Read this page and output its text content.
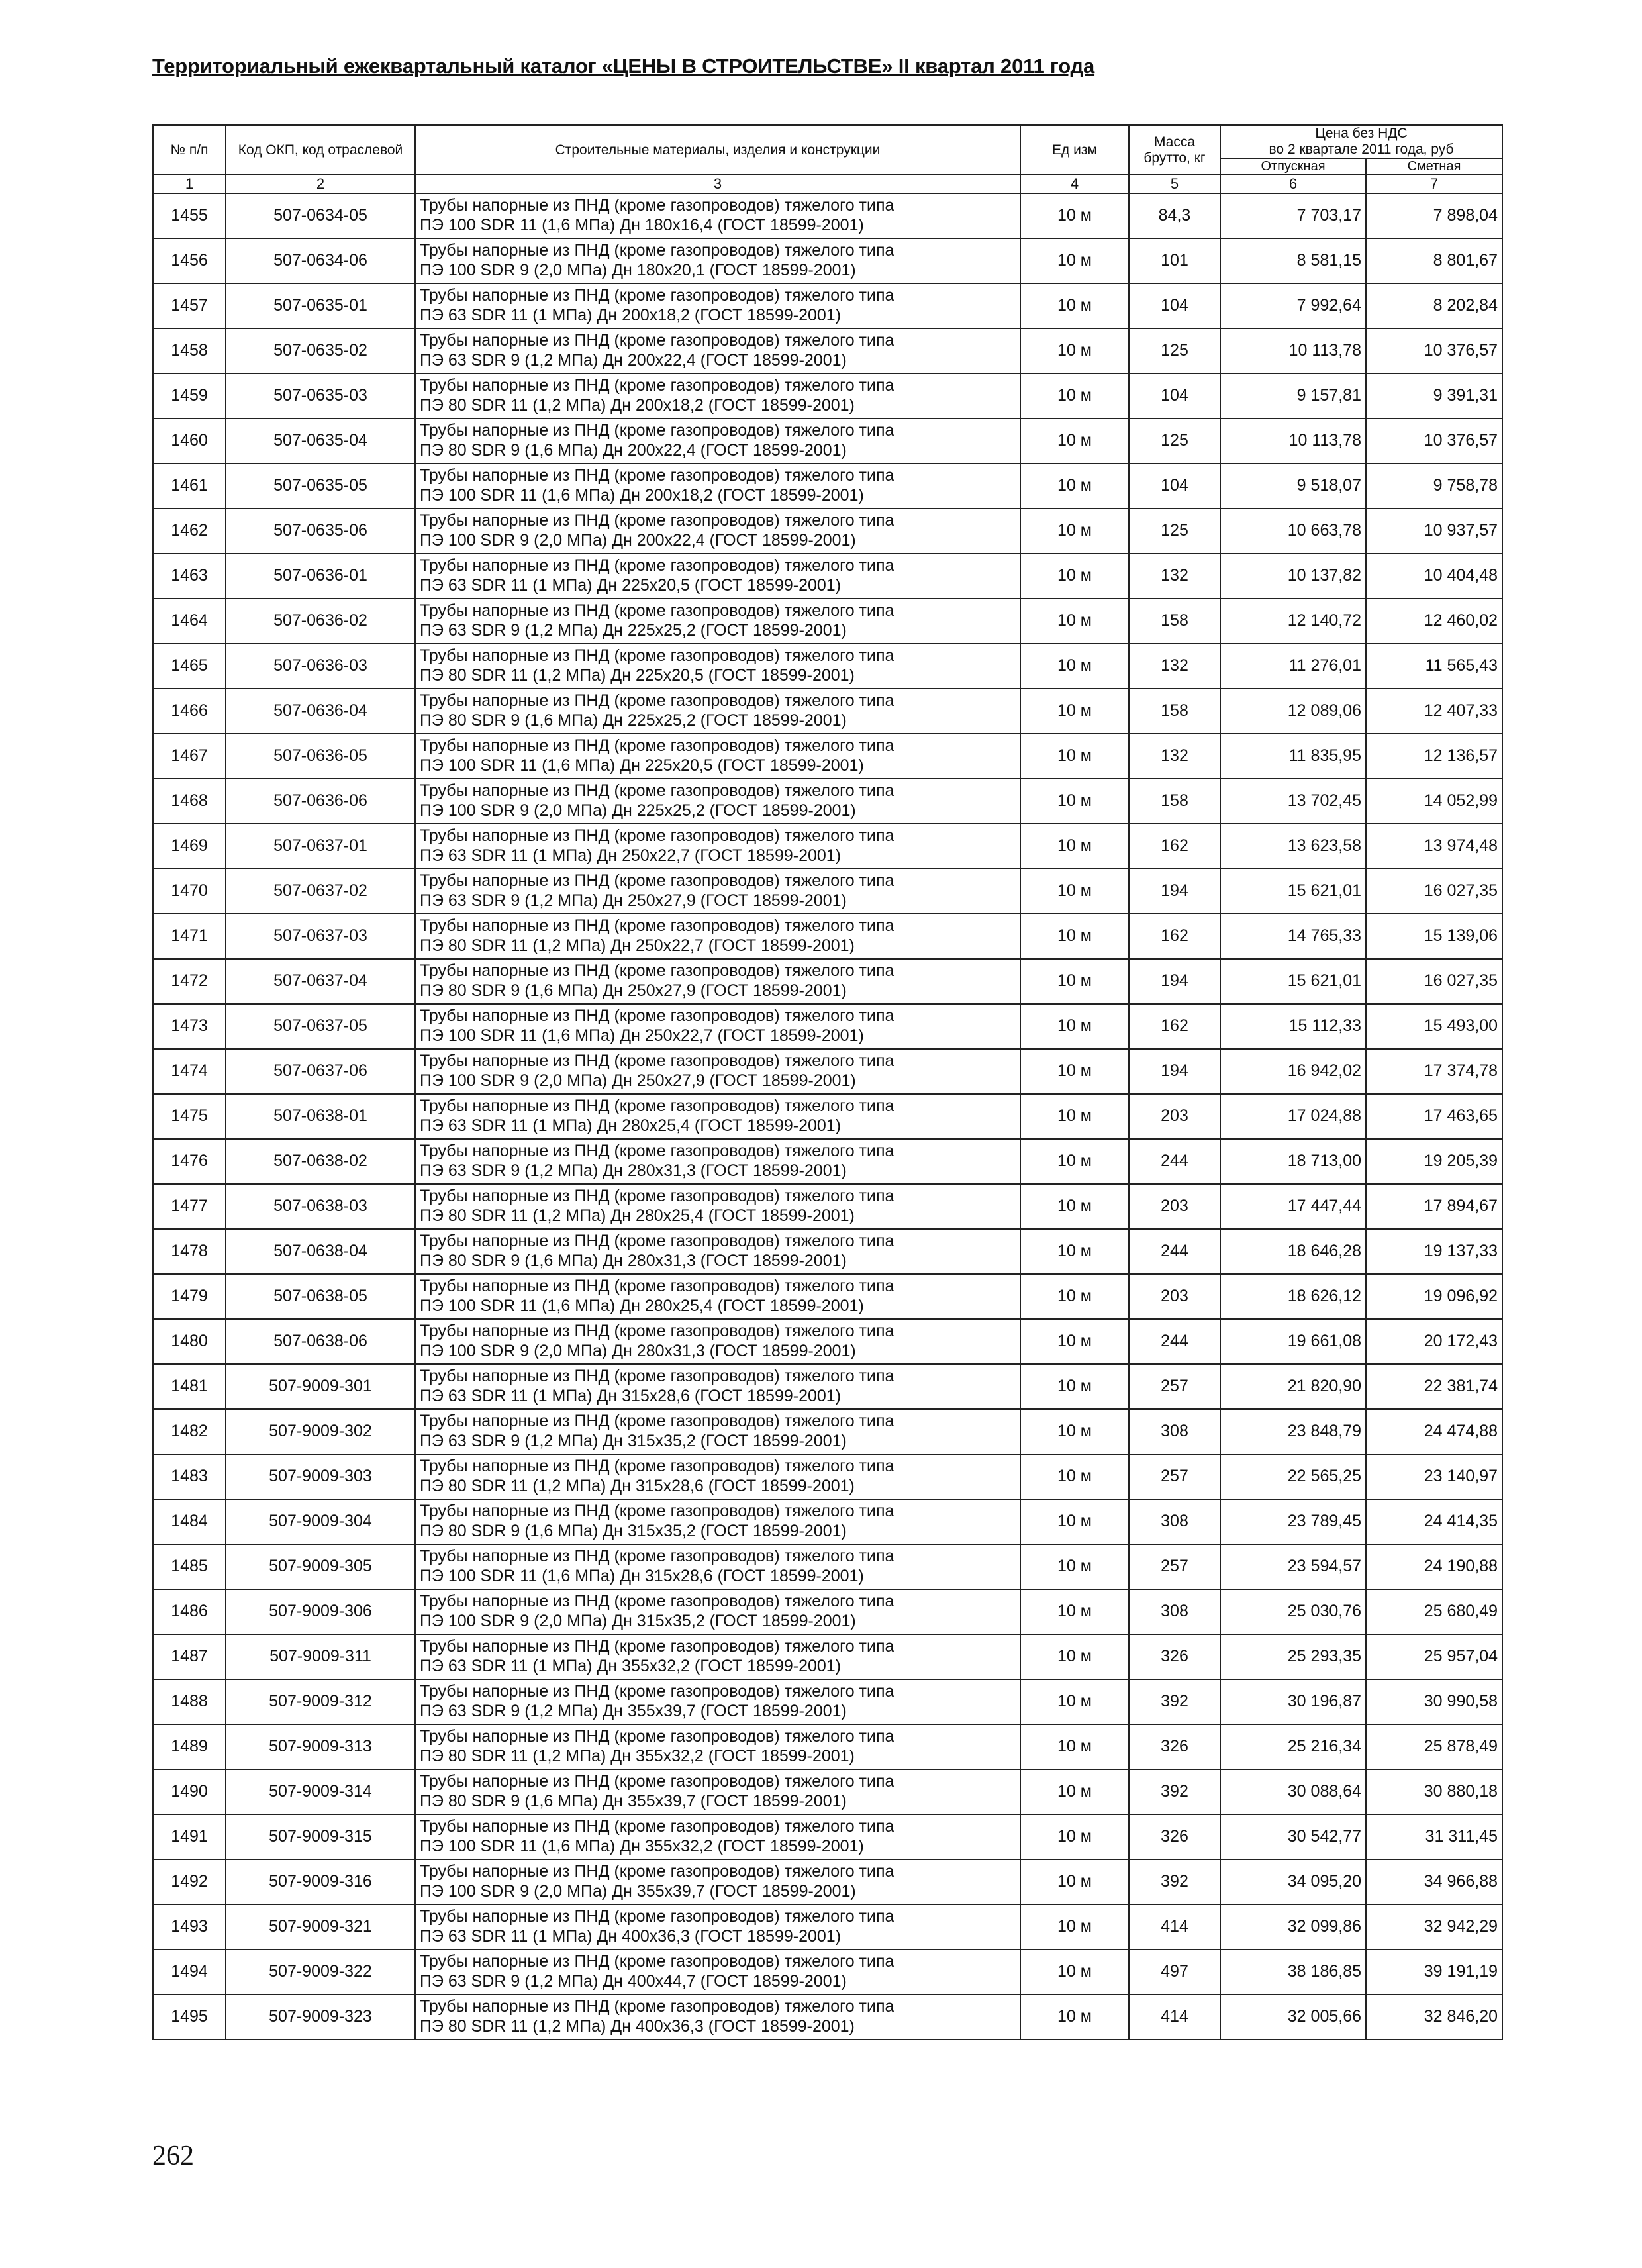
Территориальный ежеквартальный каталог «ЦЕНЫ В СТРОИТЕЛЬСТВЕ» II квартал 2011 года
№ п/п	Код ОКП, код отраслевой	Строительные материалы, изделия и конструкции	Ед изм	Масса брутто, кг	Цена без НДС
во 2 квартале 2011 года, руб	

					Отпускная	Сметная
1	2	3	4	5	6	7
1455	507-0634-05	Трубы напорные из ПНД (кроме газопроводов) тяжелого типа
ПЭ 100 SDR 11 (1,6 МПа) Дн 180x16,4 (ГОСТ 18599-2001)	10 м	84,3	7 703,17	7 898,04
1456	507-0634-06	Трубы напорные из ПНД (кроме газопроводов) тяжелого типа
ПЭ 100 SDR 9 (2,0 МПа) Дн 180x20,1 (ГОСТ 18599-2001)	10 м	101	8 581,15	8 801,67
1457	507-0635-01	Трубы напорные из ПНД (кроме газопроводов) тяжелого типа
ПЭ 63 SDR 11 (1 МПа) Дн 200x18,2 (ГОСТ 18599-2001)	10 м	104	7 992,64	8 202,84
1458	507-0635-02	Трубы напорные из ПНД (кроме газопроводов) тяжелого типа
ПЭ 63 SDR 9 (1,2 МПа) Дн 200x22,4 (ГОСТ 18599-2001)	10 м	125	10 113,78	10 376,57
1459	507-0635-03	Трубы напорные из ПНД (кроме газопроводов) тяжелого типа
ПЭ 80 SDR 11 (1,2 МПа) Дн 200x18,2 (ГОСТ 18599-2001)	10 м	104	9 157,81	9 391,31
1460	507-0635-04	Трубы напорные из ПНД (кроме газопроводов) тяжелого типа
ПЭ 80 SDR 9 (1,6 МПа) Дн 200x22,4 (ГОСТ 18599-2001)	10 м	125	10 113,78	10 376,57
1461	507-0635-05	Трубы напорные из ПНД (кроме газопроводов) тяжелого типа
ПЭ 100 SDR 11 (1,6 МПа) Дн 200x18,2 (ГОСТ 18599-2001)	10 м	104	9 518,07	9 758,78
1462	507-0635-06	Трубы напорные из ПНД (кроме газопроводов) тяжелого типа
ПЭ 100 SDR 9 (2,0 МПа) Дн 200x22,4 (ГОСТ 18599-2001)	10 м	125	10 663,78	10 937,57
1463	507-0636-01	Трубы напорные из ПНД (кроме газопроводов) тяжелого типа
ПЭ 63 SDR 11 (1 МПа) Дн 225x20,5 (ГОСТ 18599-2001)	10 м	132	10 137,82	10 404,48
1464	507-0636-02	Трубы напорные из ПНД (кроме газопроводов) тяжелого типа
ПЭ 63 SDR 9 (1,2 МПа) Дн 225x25,2 (ГОСТ 18599-2001)	10 м	158	12 140,72	12 460,02
1465	507-0636-03	Трубы напорные из ПНД (кроме газопроводов) тяжелого типа
ПЭ 80 SDR 11 (1,2 МПа) Дн 225x20,5 (ГОСТ 18599-2001)	10 м	132	11 276,01	11 565,43
1466	507-0636-04	Трубы напорные из ПНД (кроме газопроводов) тяжелого типа
ПЭ 80 SDR 9 (1,6 МПа) Дн 225x25,2 (ГОСТ 18599-2001)	10 м	158	12 089,06	12 407,33
1467	507-0636-05	Трубы напорные из ПНД (кроме газопроводов) тяжелого типа
ПЭ 100 SDR 11 (1,6 МПа) Дн 225x20,5 (ГОСТ 18599-2001)	10 м	132	11 835,95	12 136,57
1468	507-0636-06	Трубы напорные из ПНД (кроме газопроводов) тяжелого типа
ПЭ 100 SDR 9 (2,0 МПа) Дн 225x25,2 (ГОСТ 18599-2001)	10 м	158	13 702,45	14 052,99
1469	507-0637-01	Трубы напорные из ПНД (кроме газопроводов) тяжелого типа
ПЭ 63 SDR 11 (1 МПа) Дн 250x22,7 (ГОСТ 18599-2001)	10 м	162	13 623,58	13 974,48
1470	507-0637-02	Трубы напорные из ПНД (кроме газопроводов) тяжелого типа
ПЭ 63 SDR 9 (1,2 МПа) Дн 250x27,9 (ГОСТ 18599-2001)	10 м	194	15 621,01	16 027,35
1471	507-0637-03	Трубы напорные из ПНД (кроме газопроводов) тяжелого типа
ПЭ 80 SDR 11 (1,2 МПа) Дн 250x22,7 (ГОСТ 18599-2001)	10 м	162	14 765,33	15 139,06
1472	507-0637-04	Трубы напорные из ПНД (кроме газопроводов) тяжелого типа
ПЭ 80 SDR 9 (1,6 МПа) Дн 250x27,9 (ГОСТ 18599-2001)	10 м	194	15 621,01	16 027,35
1473	507-0637-05	Трубы напорные из ПНД (кроме газопроводов) тяжелого типа
ПЭ 100 SDR 11 (1,6 МПа) Дн 250x22,7 (ГОСТ 18599-2001)	10 м	162	15 112,33	15 493,00
1474	507-0637-06	Трубы напорные из ПНД (кроме газопроводов) тяжелого типа
ПЭ 100 SDR 9 (2,0 МПа) Дн 250x27,9 (ГОСТ 18599-2001)	10 м	194	16 942,02	17 374,78
1475	507-0638-01	Трубы напорные из ПНД (кроме газопроводов) тяжелого типа
ПЭ 63 SDR 11 (1 МПа) Дн 280x25,4 (ГОСТ 18599-2001)	10 м	203	17 024,88	17 463,65
1476	507-0638-02	Трубы напорные из ПНД (кроме газопроводов) тяжелого типа
ПЭ 63 SDR 9 (1,2 МПа) Дн 280x31,3 (ГОСТ 18599-2001)	10 м	244	18 713,00	19 205,39
1477	507-0638-03	Трубы напорные из ПНД (кроме газопроводов) тяжелого типа
ПЭ 80 SDR 11 (1,2 МПа) Дн 280x25,4 (ГОСТ 18599-2001)	10 м	203	17 447,44	17 894,67
1478	507-0638-04	Трубы напорные из ПНД (кроме газопроводов) тяжелого типа
ПЭ 80 SDR 9 (1,6 МПа) Дн 280x31,3 (ГОСТ 18599-2001)	10 м	244	18 646,28	19 137,33
1479	507-0638-05	Трубы напорные из ПНД (кроме газопроводов) тяжелого типа
ПЭ 100 SDR 11 (1,6 МПа) Дн 280x25,4 (ГОСТ 18599-2001)	10 м	203	18 626,12	19 096,92
1480	507-0638-06	Трубы напорные из ПНД (кроме газопроводов) тяжелого типа
ПЭ 100 SDR 9 (2,0 МПа) Дн 280x31,3 (ГОСТ 18599-2001)	10 м	244	19 661,08	20 172,43
1481	507-9009-301	Трубы напорные из ПНД (кроме газопроводов) тяжелого типа
ПЭ 63 SDR 11 (1 МПа) Дн 315x28,6 (ГОСТ 18599-2001)	10 м	257	21 820,90	22 381,74
1482	507-9009-302	Трубы напорные из ПНД (кроме газопроводов) тяжелого типа
ПЭ 63 SDR 9 (1,2 МПа) Дн 315x35,2 (ГОСТ 18599-2001)	10 м	308	23 848,79	24 474,88
1483	507-9009-303	Трубы напорные из ПНД (кроме газопроводов) тяжелого типа
ПЭ 80 SDR 11 (1,2 МПа) Дн 315x28,6 (ГОСТ 18599-2001)	10 м	257	22 565,25	23 140,97
1484	507-9009-304	Трубы напорные из ПНД (кроме газопроводов) тяжелого типа
ПЭ 80 SDR 9 (1,6 МПа) Дн 315x35,2 (ГОСТ 18599-2001)	10 м	308	23 789,45	24 414,35
1485	507-9009-305	Трубы напорные из ПНД (кроме газопроводов) тяжелого типа
ПЭ 100 SDR 11 (1,6 МПа) Дн 315x28,6 (ГОСТ 18599-2001)	10 м	257	23 594,57	24 190,88
1486	507-9009-306	Трубы напорные из ПНД (кроме газопроводов) тяжелого типа
ПЭ 100 SDR 9 (2,0 МПа) Дн 315x35,2 (ГОСТ 18599-2001)	10 м	308	25 030,76	25 680,49
1487	507-9009-311	Трубы напорные из ПНД (кроме газопроводов) тяжелого типа
ПЭ 63 SDR 11 (1 МПа) Дн 355x32,2 (ГОСТ 18599-2001)	10 м	326	25 293,35	25 957,04
1488	507-9009-312	Трубы напорные из ПНД (кроме газопроводов) тяжелого типа
ПЭ 63 SDR 9 (1,2 МПа) Дн 355x39,7 (ГОСТ 18599-2001)	10 м	392	30 196,87	30 990,58
1489	507-9009-313	Трубы напорные из ПНД (кроме газопроводов) тяжелого типа
ПЭ 80 SDR 11 (1,2 МПа) Дн 355x32,2 (ГОСТ 18599-2001)	10 м	326	25 216,34	25 878,49
1490	507-9009-314	Трубы напорные из ПНД (кроме газопроводов) тяжелого типа
ПЭ 80 SDR 9 (1,6 МПа) Дн 355x39,7 (ГОСТ 18599-2001)	10 м	392	30 088,64	30 880,18
1491	507-9009-315	Трубы напорные из ПНД (кроме газопроводов) тяжелого типа
ПЭ 100 SDR 11 (1,6 МПа) Дн 355x32,2 (ГОСТ 18599-2001)	10 м	326	30 542,77	31 311,45
1492	507-9009-316	Трубы напорные из ПНД (кроме газопроводов) тяжелого типа
ПЭ 100 SDR 9 (2,0 МПа) Дн 355x39,7 (ГОСТ 18599-2001)	10 м	392	34 095,20	34 966,88
1493	507-9009-321	Трубы напорные из ПНД (кроме газопроводов) тяжелого типа
ПЭ 63 SDR 11 (1 МПа) Дн 400x36,3 (ГОСТ 18599-2001)	10 м	414	32 099,86	32 942,29
1494	507-9009-322	Трубы напорные из ПНД (кроме газопроводов) тяжелого типа
ПЭ 63 SDR 9 (1,2 МПа) Дн 400x44,7 (ГОСТ 18599-2001)	10 м	497	38 186,85	39 191,19
1495	507-9009-323	Трубы напорные из ПНД (кроме газопроводов) тяжелого типа
ПЭ 80 SDR 11 (1,2 МПа) Дн 400x36,3 (ГОСТ 18599-2001)	10 м	414	32 005,66	32 846,20
262
